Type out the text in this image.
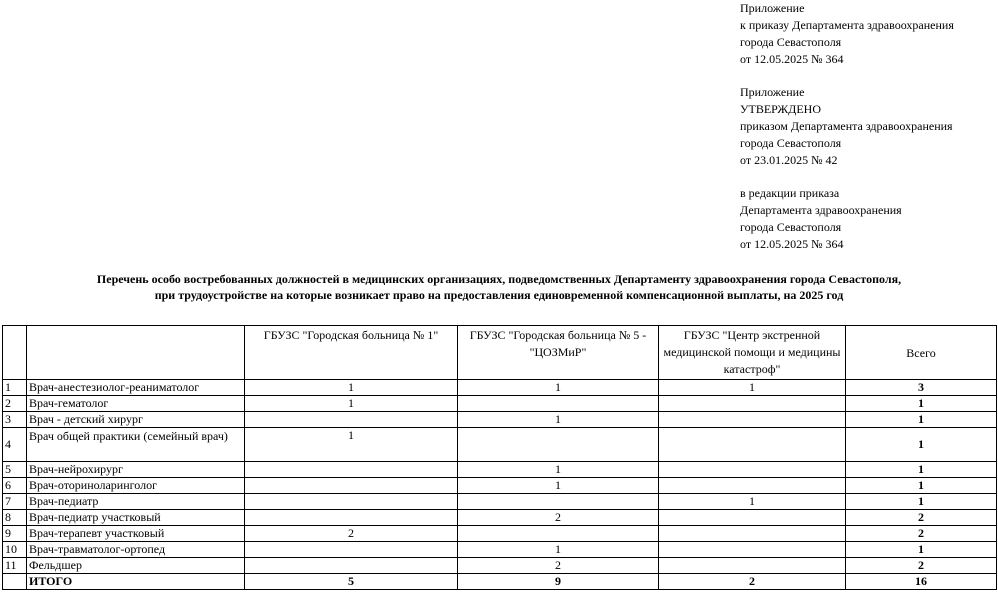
Приложение
к приказу Департамента здравоохранения
города Севастополя
от 12.05.2025 № 364
Приложение
УТВЕРЖДЕНО
приказом Департамента здравоохранения
города Севастополя
от 23.01.2025 № 42
в редакции приказа
Департамента здравоохранения
города Севастополя
от 12.05.2025 № 364
Перечень особо востребованных должностей в медицинских организациях, подведомственных Департаменту здравоохранения города Севастополя,
при трудоустройстве на которые возникает право на предоставления единовременной компенсационной выплаты, на 2025 год
		ГБУЗС "Городская больница № 1"	ГБУЗС "Городская больница № 5 - "ЦОЗМиР"	ГБУЗС "Центр экстренной медицинской помощи и медицины катастроф"	Всего
1	Врач-анестезиолог-реаниматолог	1	1	1	3
2	Врач-гематолог	1			1
3	Врач - детский хирург		1		1
4	Врач общей практики (семейный врач)	1			1
5	Врач-нейрохирург		1		1
6	Врач-оториноларинголог		1		1
7	Врач-педиатр			1	1
8	Врач-педиатр участковый		2		2
9	Врач-терапевт участковый	2			2
10	Врач-травматолог-ортопед		1		1
11	Фельдшер		2		2
	ИТОГО	5	9	2	16
